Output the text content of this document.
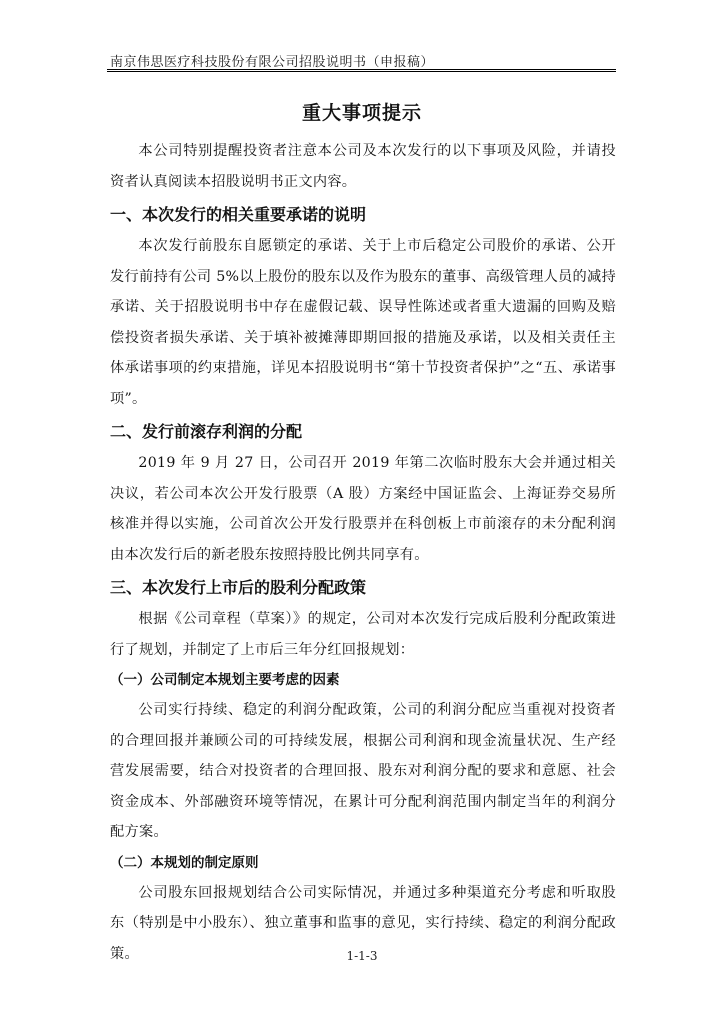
南京伟思医疗科技股份有限公司招股说明书（申报稿）
重大事项提示

本公司特别提醒投资者注意本公司及本次发行的以下事项及风险，并请投资者认真阅读本招股说明书正文内容。

一、本次发行的相关重要承诺的说明

本次发行前股东自愿锁定的承诺、关于上市后稳定公司股价的承诺、公开发行前持有公司 5%以上股份的股东以及作为股东的董事、高级管理人员的减持承诺、关于招股说明书中存在虚假记载、误导性陈述或者重大遗漏的回购及赔偿投资者损失承诺、关于填补被摊薄即期回报的措施及承诺，以及相关责任主体承诺事项的约束措施，详见本招股说明书“第十节投资者保护”之“五、承诺事项”。

二、发行前滚存利润的分配

2019 年 9 月 27 日，公司召开 2019 年第二次临时股东大会并通过相关决议，若公司本次公开发行股票（A 股）方案经中国证监会、上海证券交易所核准并得以实施，公司首次公开发行股票并在科创板上市前滚存的未分配利润由本次发行后的新老股东按照持股比例共同享有。

三、本次发行上市后的股利分配政策

根据《公司章程（草案）》的规定，公司对本次发行完成后股利分配政策进行了规划，并制定了上市后三年分红回报规划：

（一）公司制定本规划主要考虑的因素

公司实行持续、稳定的利润分配政策，公司的利润分配应当重视对投资者的合理回报并兼顾公司的可持续发展，根据公司利润和现金流量状况、生产经营发展需要，结合对投资者的合理回报、股东对利润分配的要求和意愿、社会资金成本、外部融资环境等情况，在累计可分配利润范围内制定当年的利润分配方案。

（二）本规划的制定原则

公司股东回报规划结合公司实际情况，并通过多种渠道充分考虑和听取股东（特别是中小股东）、独立董事和监事的意见，实行持续、稳定的利润分配政策。	1-1-3
